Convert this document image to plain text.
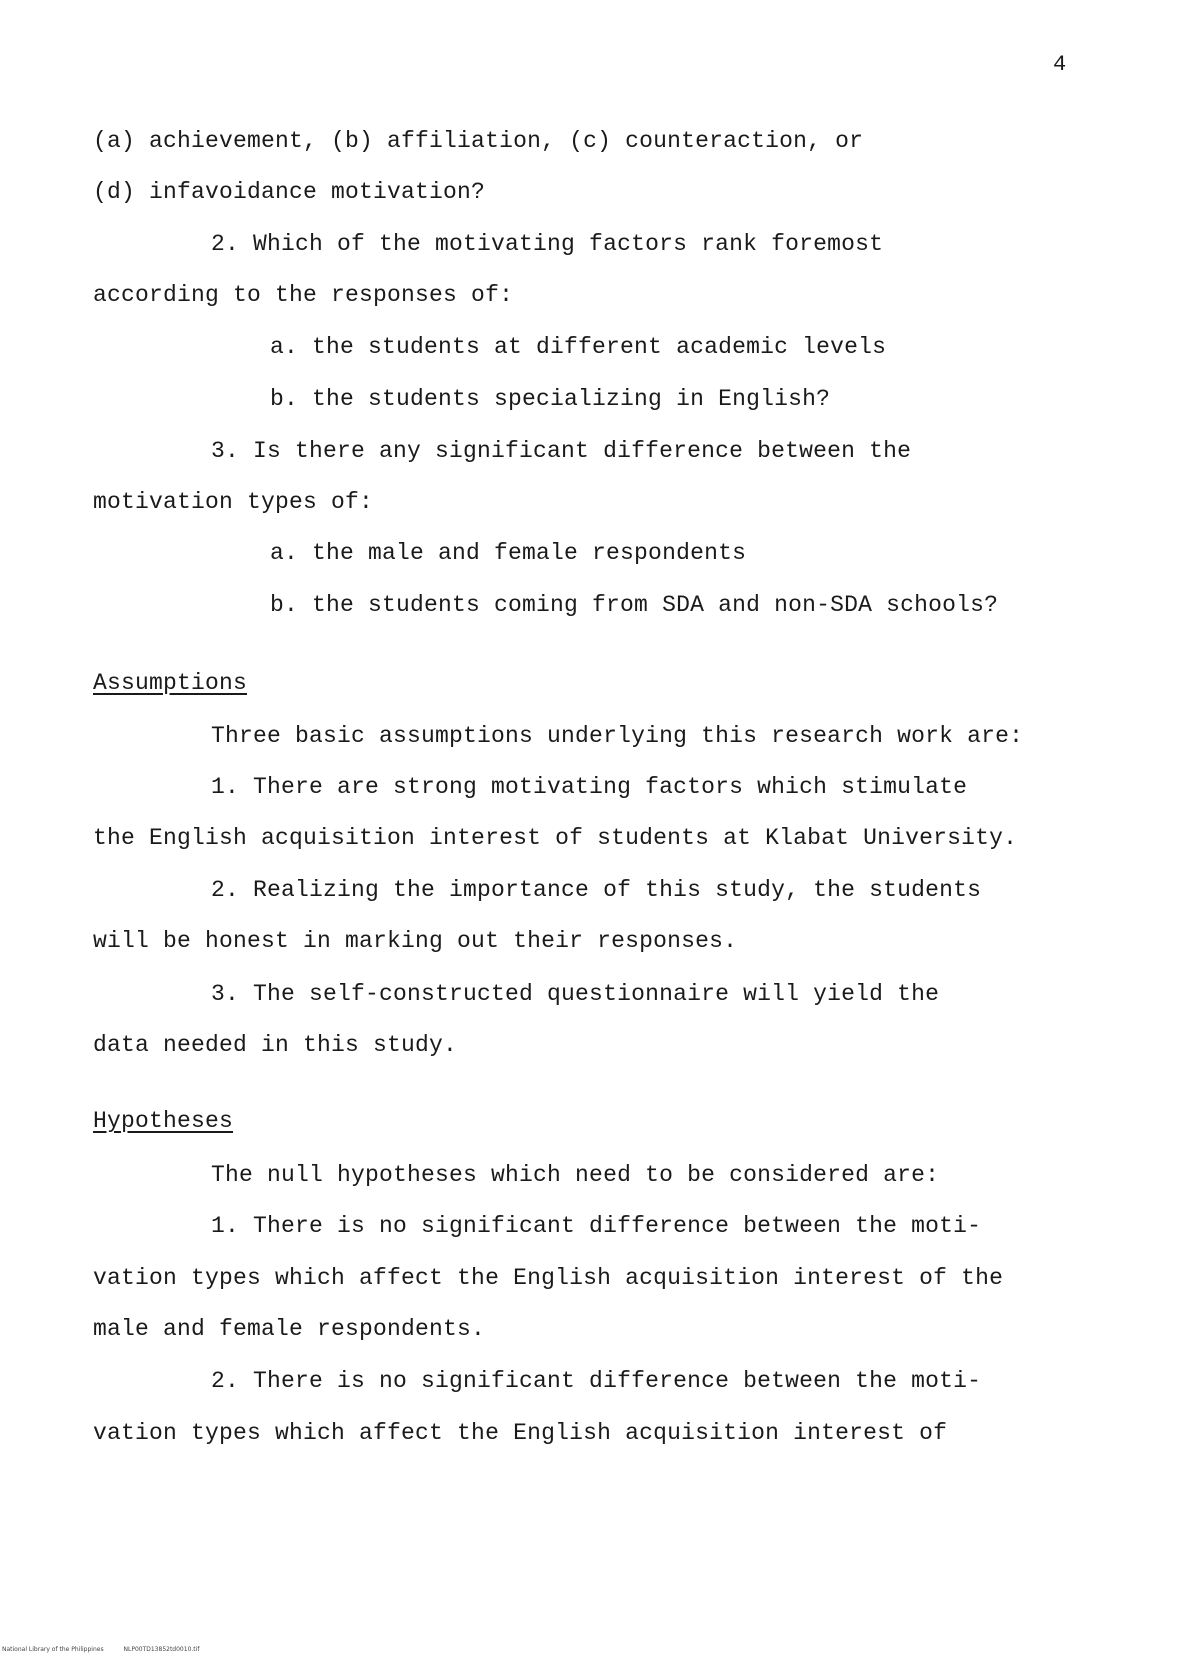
4
(a) achievement, (b) affiliation, (c) counteraction, or
(d) infavoidance motivation?
2. Which of the motivating factors rank foremost
according to the responses of:
a. the students at different academic levels
b. the students specializing in English?
3. Is there any significant difference between the
motivation types of:
a. the male and female respondents
b. the students coming from SDA and non-SDA schools?
Assumptions
Three basic assumptions underlying this research work are:
1. There are strong motivating factors which stimulate
the English acquisition interest of students at Klabat University.
2. Realizing the importance of this study, the students
will be honest in marking out their responses.
3. The self-constructed questionnaire will yield the
data needed in this study.
Hypotheses
The null hypotheses which need to be considered are:
1. There is no significant difference between the moti-
vation types which affect the English acquisition interest of the
male and female respondents.
2. There is no significant difference between the moti-
vation types which affect the English acquisition interest of
National Library of the Philippines	NLP00TD13852td0010.tif
